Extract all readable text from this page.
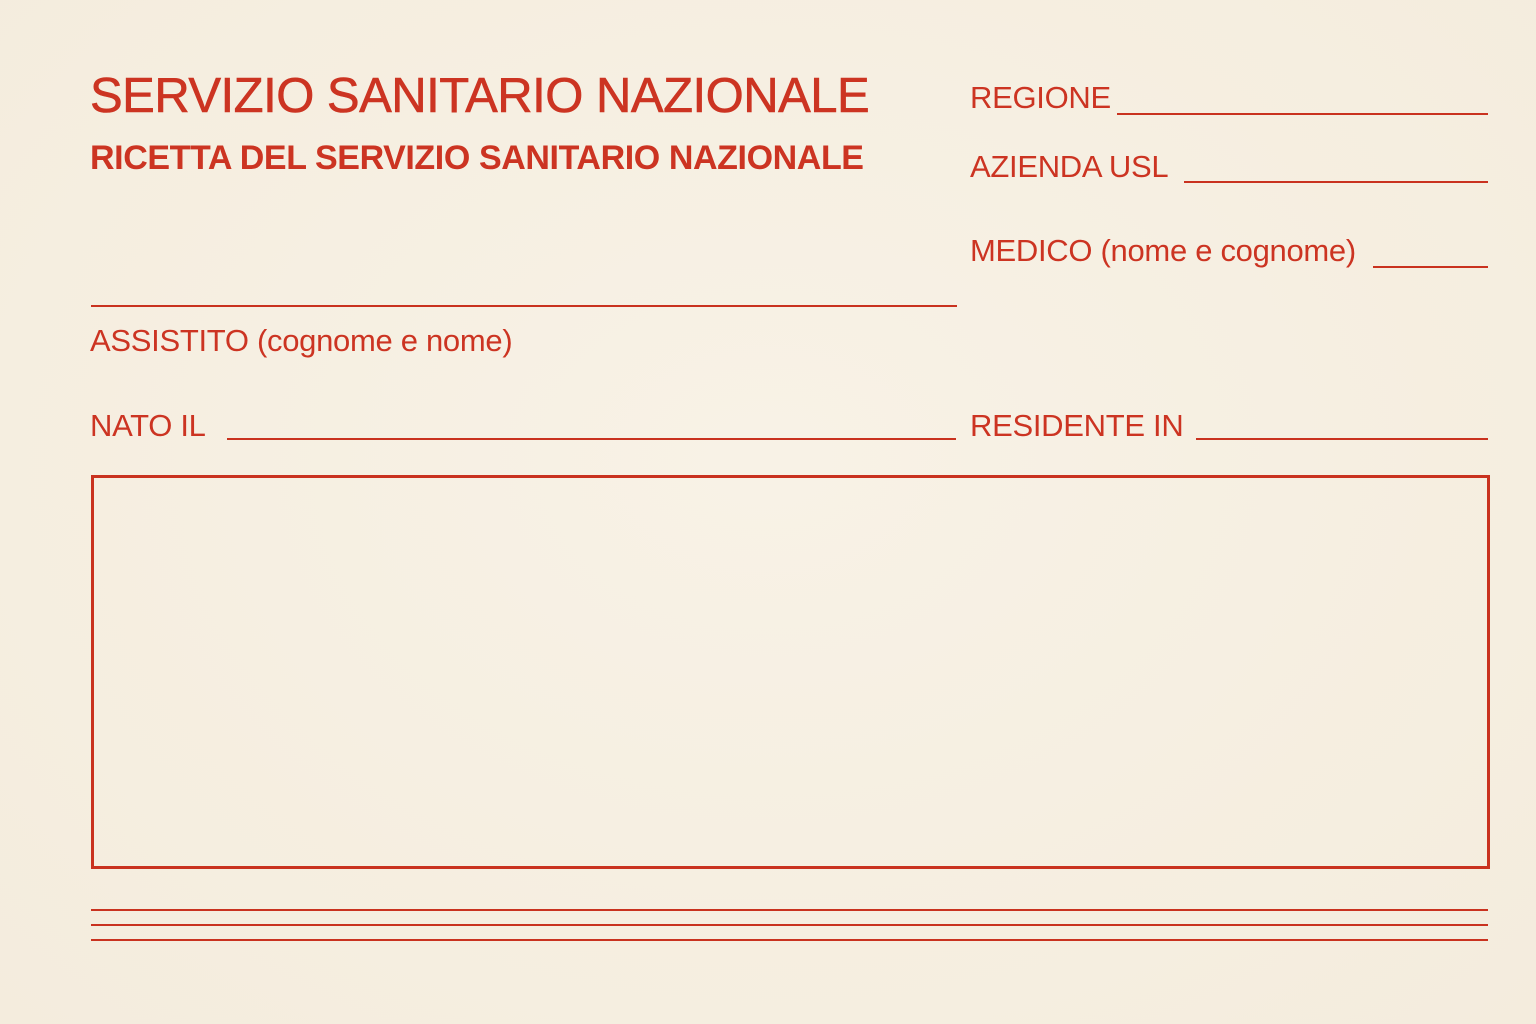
SERVIZIO SANITARIO NAZIONALE
RICETTA DEL SERVIZIO SANITARIO NAZIONALE
REGIONE
AZIENDA USL
MEDICO (nome e cognome)
ASSISTITO (cognome e nome)
NATO IL	RESIDENTE IN
